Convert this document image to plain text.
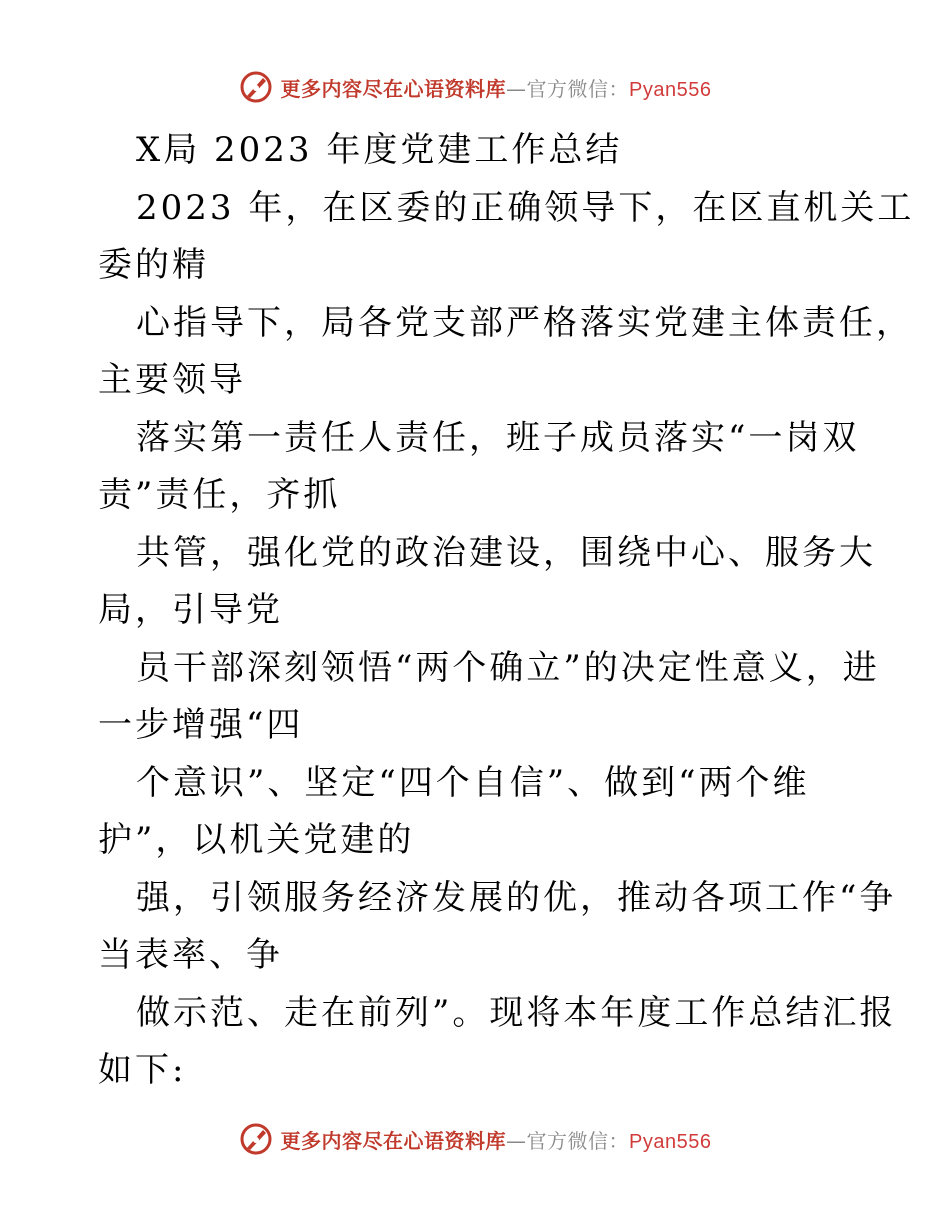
更多内容尽在心语资料库—官方微信：Pyan556
X局 2023 年度党建工作总结
2023 年，在区委的正确领导下，在区直机关工
委的精
心指导下，局各党支部严格落实党建主体责任，
主要领导
落实第一责任人责任，班子成员落实“一岗双
责”责任，齐抓
共管，强化党的政治建设，围绕中心、服务大
局，引导党
员干部深刻领悟“两个确立”的决定性意义，进
一步增强“四
个意识”、坚定“四个自信”、做到“两个维
护”，以机关党建的
强，引领服务经济发展的优，推动各项工作“争
当表率、争
做示范、走在前列”。现将本年度工作总结汇报
如下:
更多内容尽在心语资料库—官方微信：Pyan556
